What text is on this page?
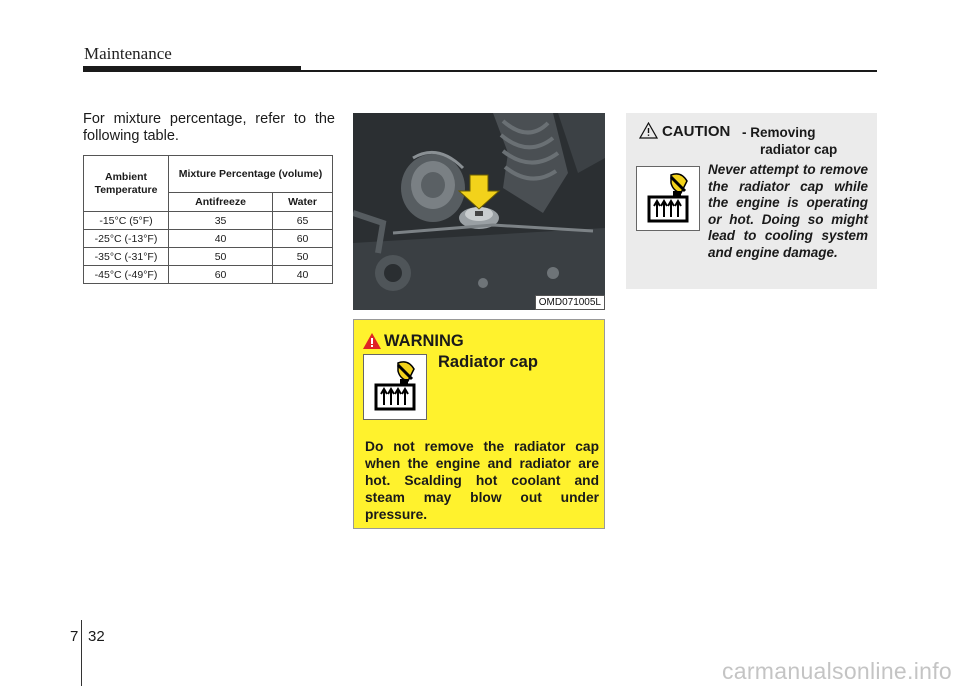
Maintenance
For mixture percentage, refer to the following table.
Ambient Temperature	Mixture Percentage (volume)	
	Antifreeze	Water
-15°C (5°F)	35	65
-25°C (-13°F)	40	60
-35°C (-31°F)	50	50
-45°C (-49°F)	60	40
OMD071005L
WARNING
Radiator cap
Do not remove the radiator cap when the engine and radiator are hot. Scalding hot coolant and steam may blow out under pressure.
CAUTION - Removing
radiator cap
Never attempt to remove the radiator cap while the engine is operating or hot. Doing so might lead to cooling system and engine damage.
7 32
carmanualsonline.info
